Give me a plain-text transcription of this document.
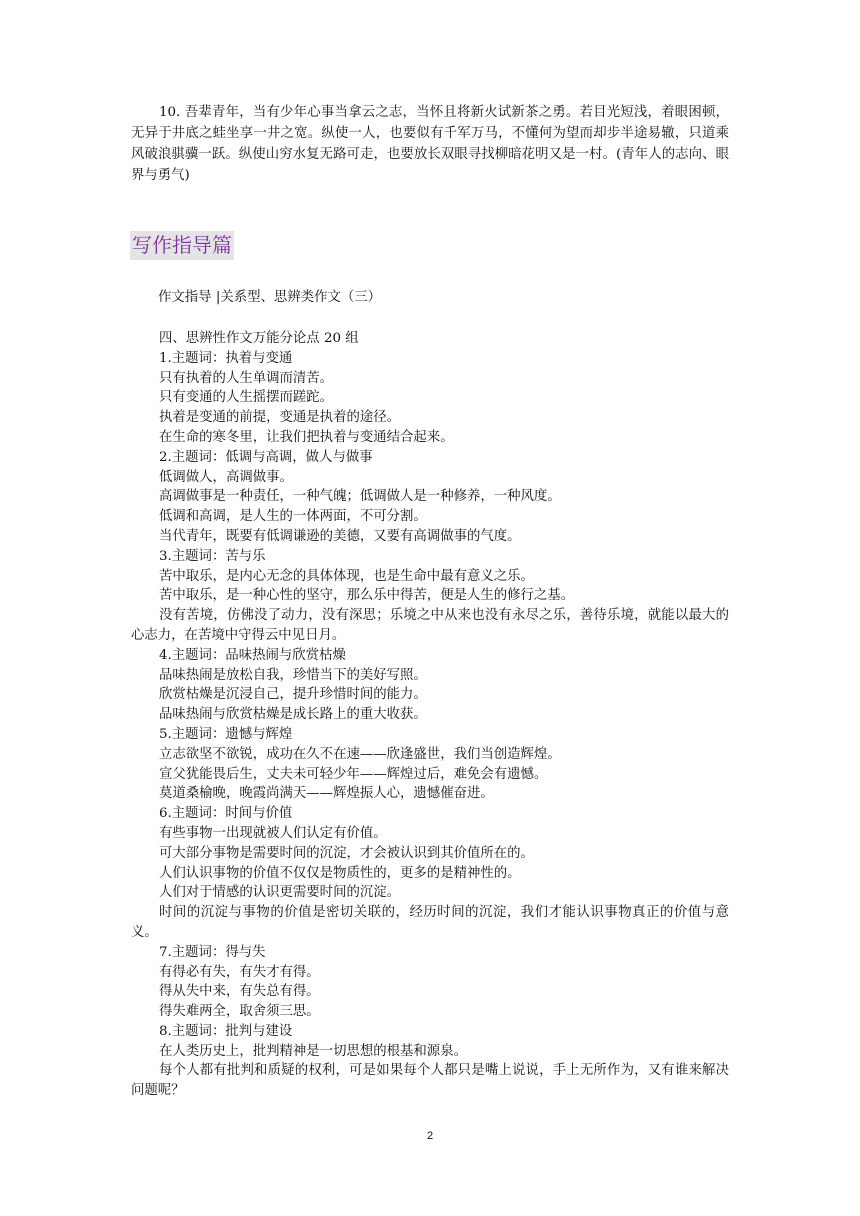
10. 吾辈青年，当有少年心事当拿云之志，当怀且将新火试新茶之勇。若目光短浅，着眼困顿，无异于井底之蛙坐享一井之宽。纵使一人，也要似有千军万马，不懂何为望而却步半途易辙，只道乘风破浪骐骥一跃。纵使山穷水复无路可走，也要放长双眼寻找柳暗花明又是一村。(青年人的志向、眼界与勇气)

写作指导篇

作文指导 |关系型、思辨类作文（三）

四、思辨性作文万能分论点 20 组

1.主题词：执着与变通

只有执着的人生单调而清苦。

只有变通的人生摇摆而蹉跎。

执着是变通的前提，变通是执着的途径。

在生命的寒冬里，让我们把执着与变通结合起来。

2.主题词：低调与高调，做人与做事

低调做人，高调做事。

高调做事是一种责任，一种气魄；低调做人是一种修养，一种风度。

低调和高调，是人生的一体两面，不可分割。

当代青年，既要有低调谦逊的美德，又要有高调做事的气度。

3.主题词：苦与乐

苦中取乐，是内心无念的具体体现，也是生命中最有意义之乐。

苦中取乐，是一种心性的坚守，那么乐中得苦，便是人生的修行之基。

没有苦境，仿佛没了动力，没有深思；乐境之中从来也没有永尽之乐，善待乐境，就能以最大的心志力，在苦境中守得云中见日月。

4.主题词：品味热闹与欣赏枯燥

品味热闹是放松自我，珍惜当下的美好写照。

欣赏枯燥是沉浸自己，提升珍惜时间的能力。

品味热闹与欣赏枯燥是成长路上的重大收获。

5.主题词：遗憾与辉煌

立志欲坚不欲锐，成功在久不在速——欣逢盛世，我们当创造辉煌。

宣父犹能畏后生，丈夫未可轻少年——辉煌过后，难免会有遗憾。

莫道桑榆晚，晚霞尚满天——辉煌振人心，遗憾催奋进。

6.主题词：时间与价值

有些事物一出现就被人们认定有价值。

可大部分事物是需要时间的沉淀，才会被认识到其价值所在的。

人们认识事物的价值不仅仅是物质性的，更多的是精神性的。

人们对于情感的认识更需要时间的沉淀。

时间的沉淀与事物的价值是密切关联的，经历时间的沉淀，我们才能认识事物真正的价值与意义。

7.主题词：得与失

有得必有失，有失才有得。

得从失中来，有失总有得。

得失难两全，取舍须三思。

8.主题词：批判与建设

在人类历史上，批判精神是一切思想的根基和源泉。

每个人都有批判和质疑的权利，可是如果每个人都只是嘴上说说，手上无所作为，又有谁来解决问题呢？

2
